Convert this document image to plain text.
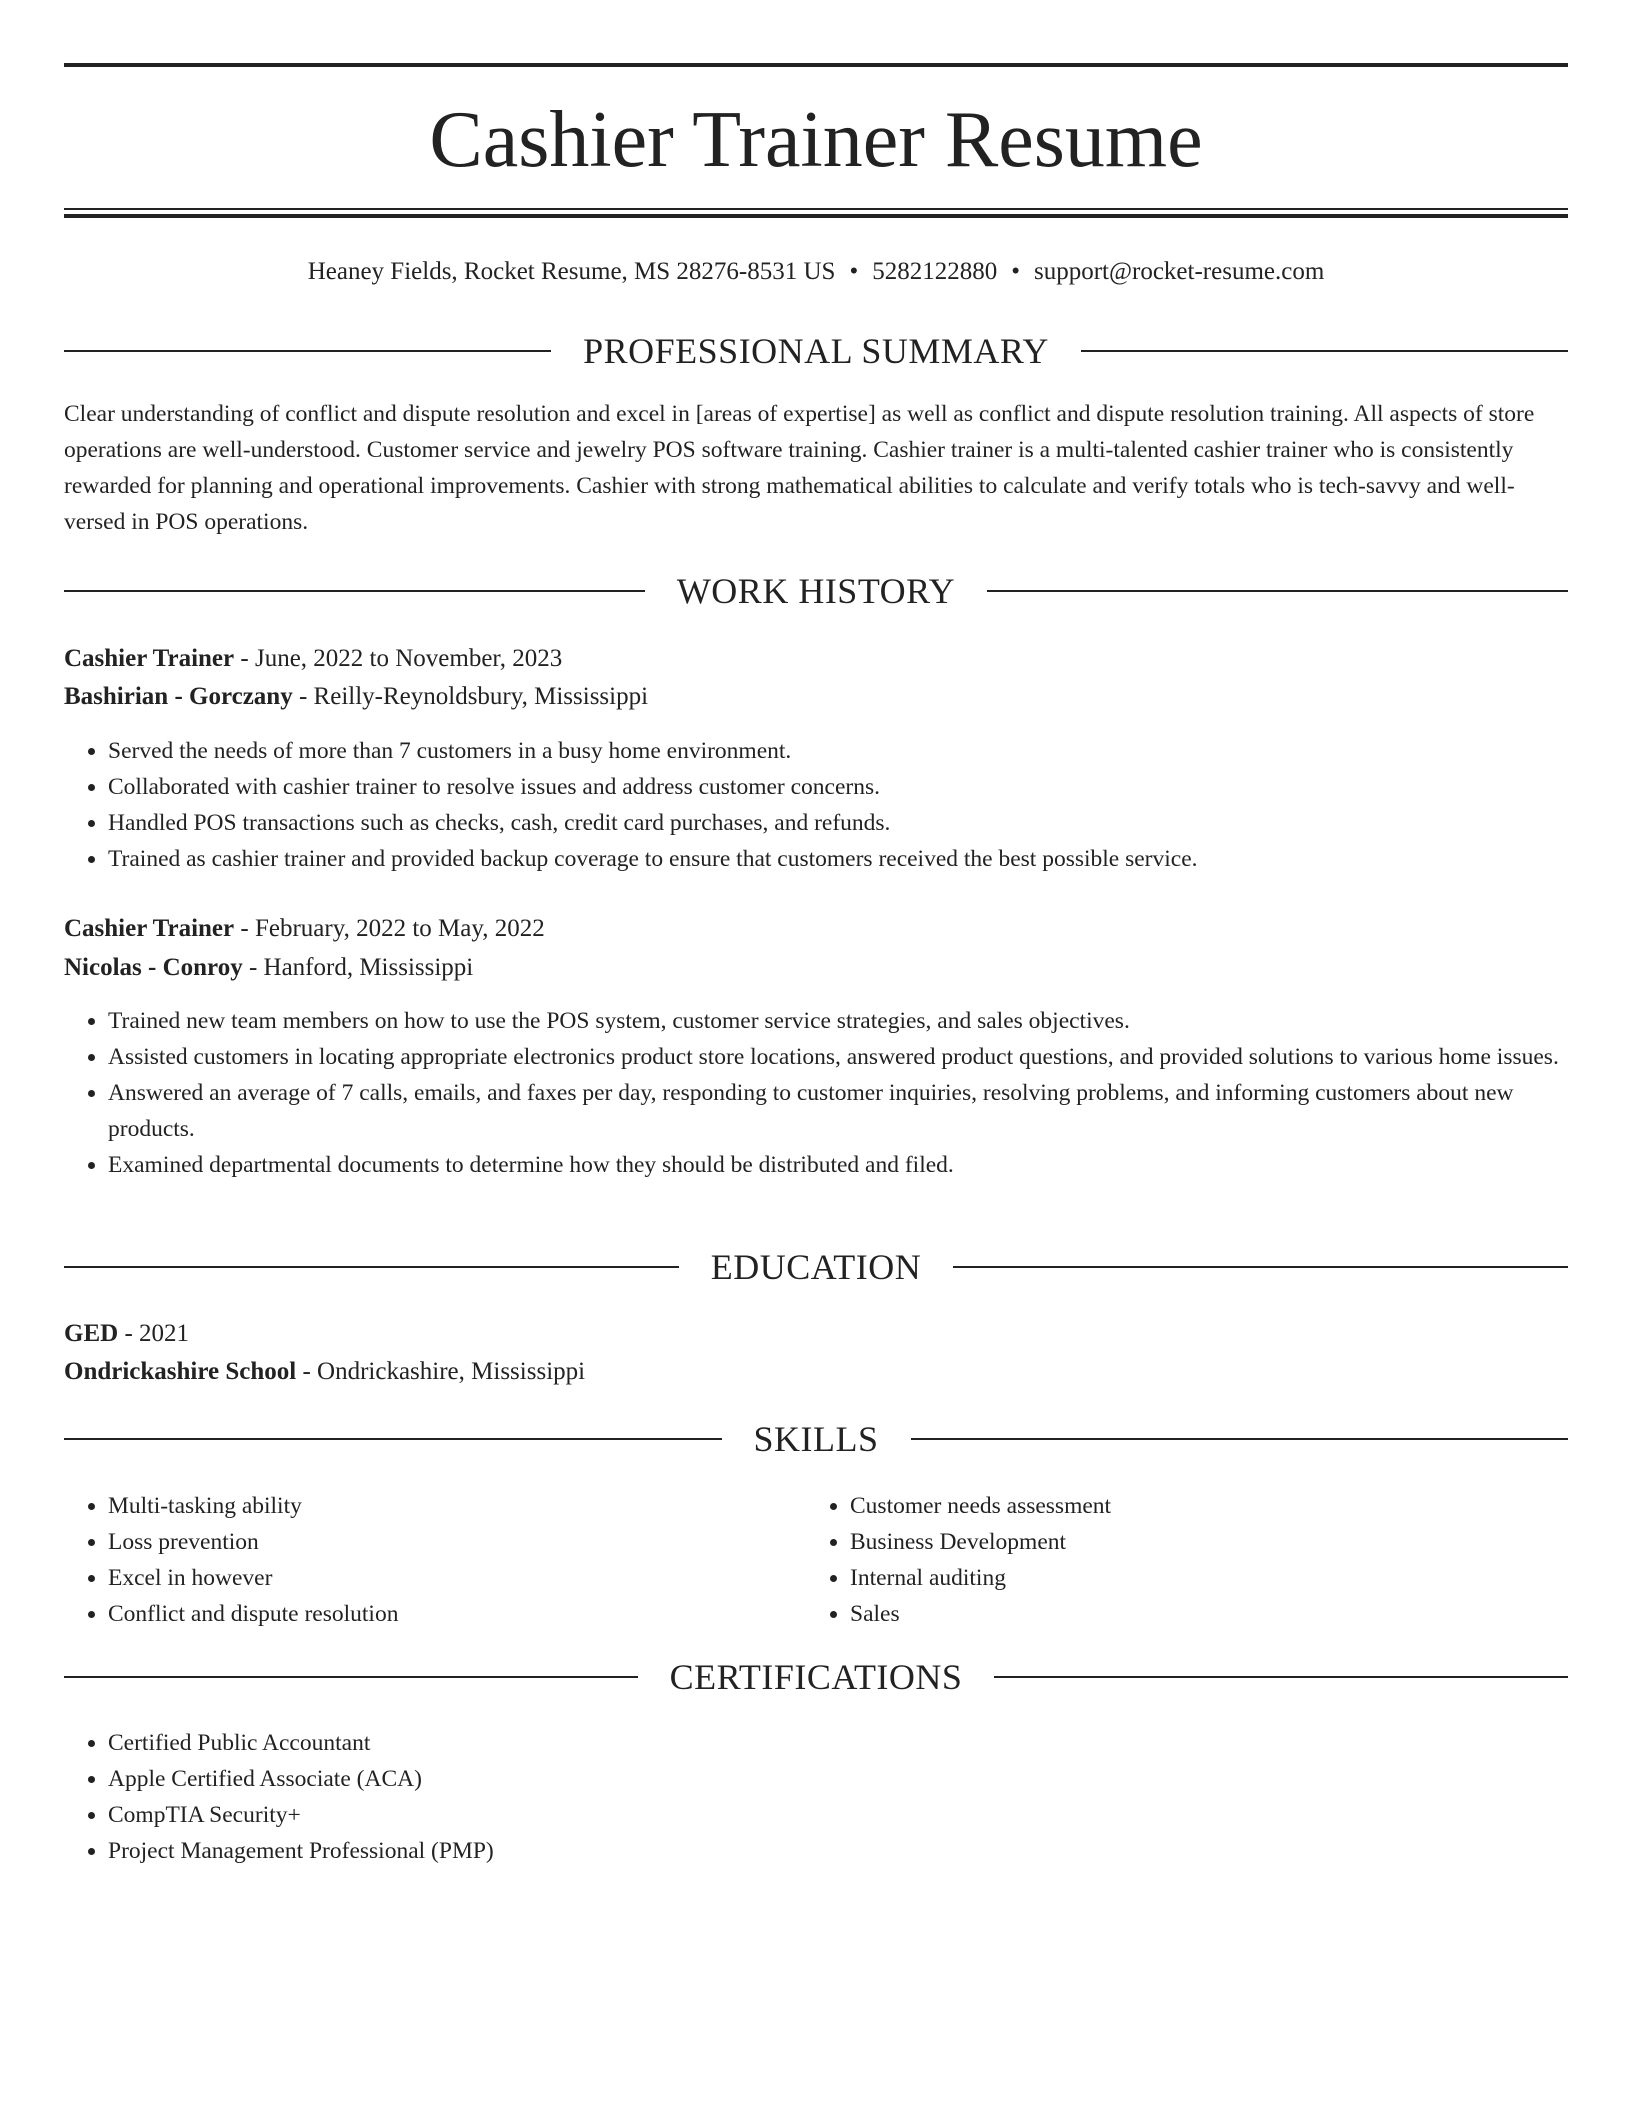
Cashier Trainer Resume
Heaney Fields, Rocket Resume, MS 28276-8531 US • 5282122880 • support@rocket-resume.com
PROFESSIONAL SUMMARY

Clear understanding of conflict and dispute resolution and excel in [areas of expertise] as well as conflict and dispute resolution training. All aspects of store operations are well-understood. Customer service and jewelry POS software training. Cashier trainer is a multi-talented cashier trainer who is consistently rewarded for planning and operational improvements. Cashier with strong mathematical abilities to calculate and verify totals who is tech-savvy and well-versed in POS operations.

WORK HISTORY
Cashier Trainer - June, 2022 to November, 2023
Bashirian - Gorczany - Reilly-Reynoldsbury, Mississippi
• Served the needs of more than 7 customers in a busy home environment.
• Collaborated with cashier trainer to resolve issues and address customer concerns.
• Handled POS transactions such as checks, cash, credit card purchases, and refunds.
• Trained as cashier trainer and provided backup coverage to ensure that customers received the best possible service.
Cashier Trainer - February, 2022 to May, 2022
Nicolas - Conroy - Hanford, Mississippi
• Trained new team members on how to use the POS system, customer service strategies, and sales objectives.
• Assisted customers in locating appropriate electronics product store locations, answered product questions, and provided solutions to various home issues.
• Answered an average of 7 calls, emails, and faxes per day, responding to customer inquiries, resolving problems, and informing customers about new products.
• Examined departmental documents to determine how they should be distributed and filed.
EDUCATION
GED - 2021
Ondrickashire School - Ondrickashire, Mississippi
SKILLS
• Multi-tasking ability
• Loss prevention
• Excel in however
• Conflict and dispute resolution
• Customer needs assessment
• Business Development
• Internal auditing
• Sales
CERTIFICATIONS
• Certified Public Accountant
• Apple Certified Associate (ACA)
• CompTIA Security+
• Project Management Professional (PMP)
